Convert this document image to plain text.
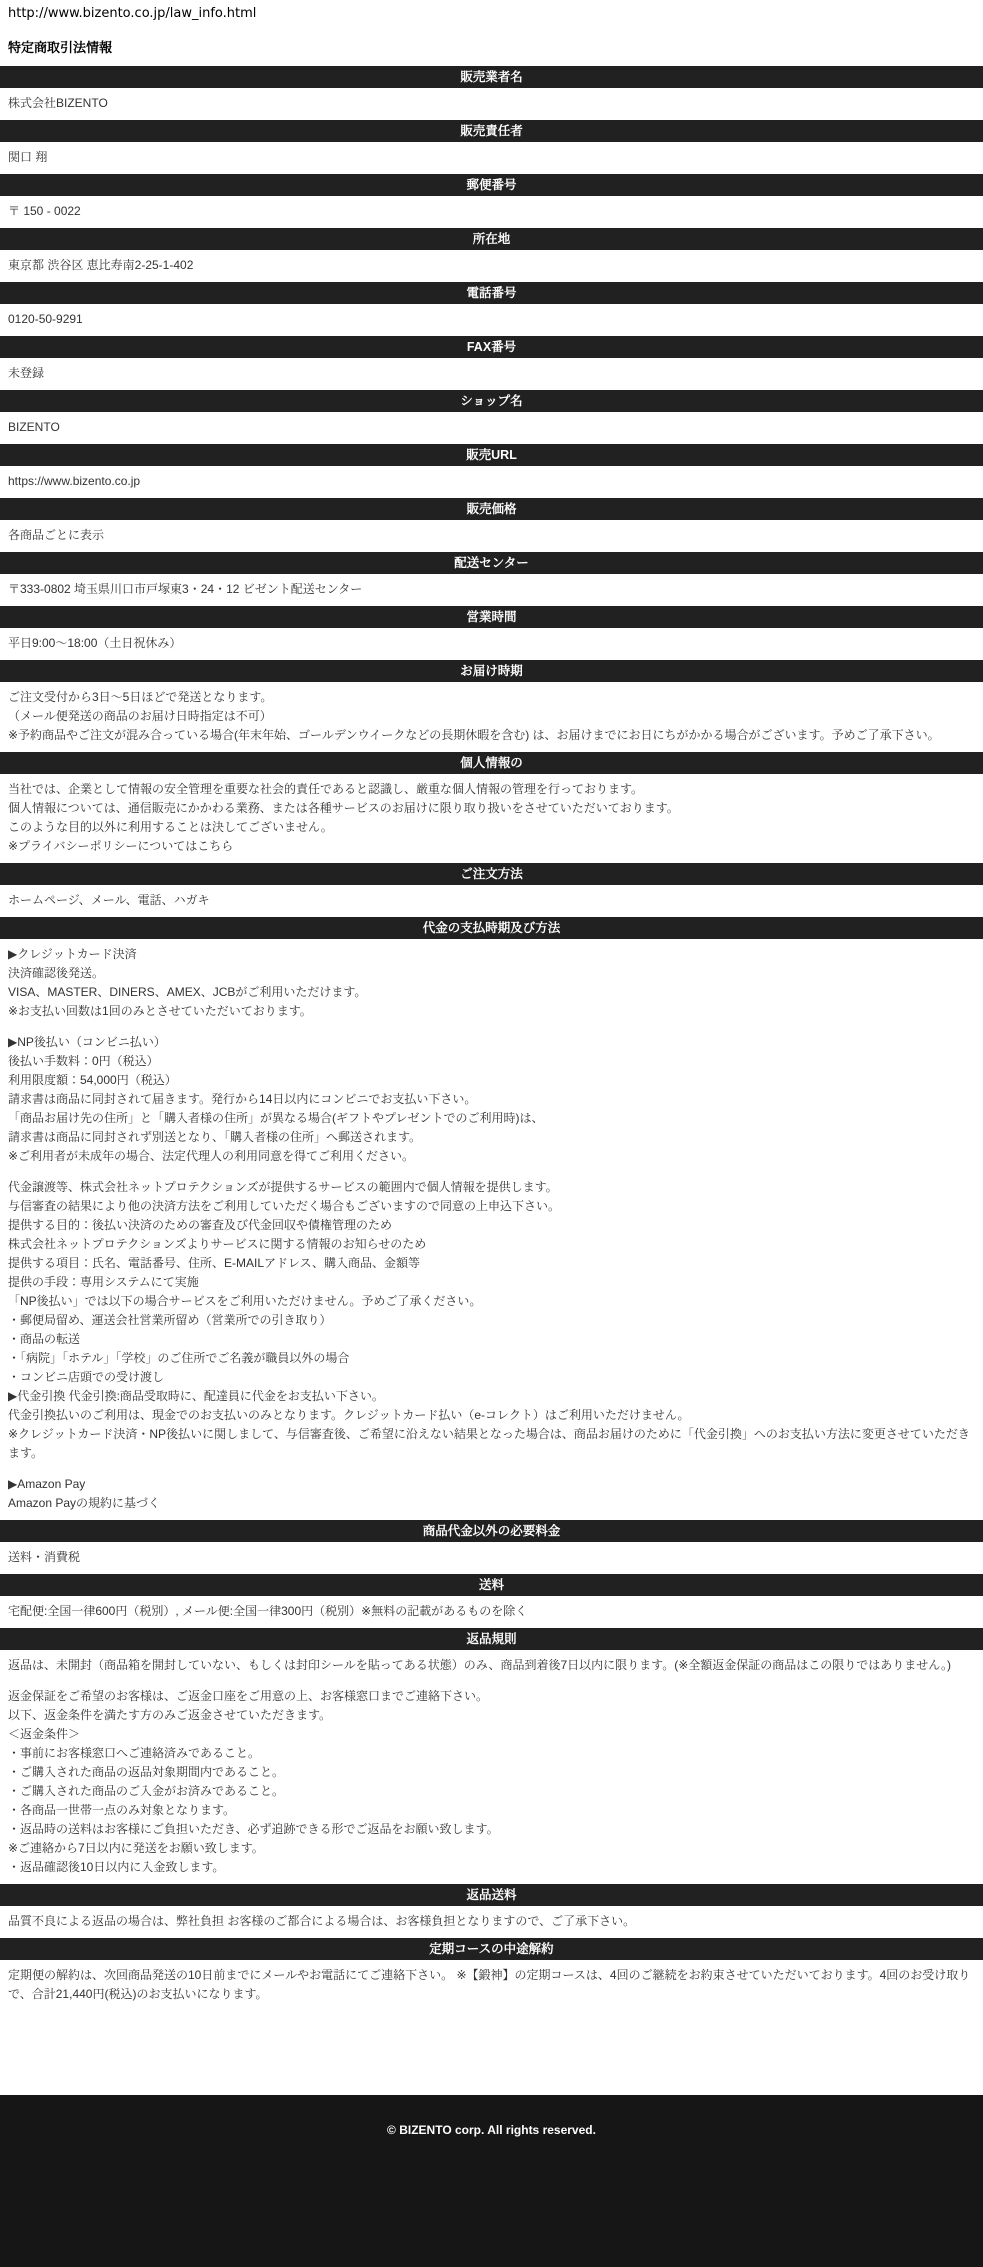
http://www.bizento.co.jp/law_info.html
特定商取引法情報
販売業者名

株式会社BIZENTO

販売責任者

関口 翔

郵便番号

〒 150 - 0022

所在地

東京都 渋谷区 恵比寿南2-25-1-402

電話番号

0120-50-9291

FAX番号

未登録

ショップ名

BIZENTO

販売URL

https://www.bizento.co.jp

販売価格

各商品ごとに表示

配送センター

〒333-0802 埼玉県川口市戸塚東3・24・12 ビゼント配送センター

営業時間

平日9:00～18:00（土日祝休み）

お届け時期

ご注文受付から3日～5日ほどで発送となります。

（メール便発送の商品のお届け日時指定は不可）

※予約商品やご注文が混み合っている場合(年末年始、ゴールデンウイークなどの長期休暇を含む) は、お届けまでにお日にちがかかる場合がございます。予めご了承下さい。

個人情報の

当社では、企業として情報の安全管理を重要な社会的責任であると認識し、厳重な個人情報の管理を行っております。

個人情報については、通信販売にかかわる業務、または各種サービスのお届けに限り取り扱いをさせていただいております。

このような目的以外に利用することは決してございません。

※プライバシーポリシーについてはこちら

ご注文方法

ホームページ、メール、電話、ハガキ

代金の支払時期及び方法

▶クレジットカード決済

決済確認後発送。

VISA、MASTER、DINERS、AMEX、JCBがご利用いただけます。

※お支払い回数は1回のみとさせていただいております。

▶NP後払い（コンビニ払い）

後払い手数料：0円（税込）

利用限度額：54,000円（税込）

請求書は商品に同封されて届きます。発行から14日以内にコンビニでお支払い下さい。

「商品お届け先の住所」と「購入者様の住所」が異なる場合(ギフトやプレゼントでのご利用時)は、

請求書は商品に同封されず別送となり、「購入者様の住所」へ郵送されます。

※ご利用者が未成年の場合、法定代理人の利用同意を得てご利用ください。

代金譲渡等、株式会社ネットプロテクションズが提供するサービスの範囲内で個人情報を提供します。

与信審査の結果により他の決済方法をご利用していただく場合もございますので同意の上申込下さい。

提供する目的：後払い決済のための審査及び代金回収や債権管理のため

株式会社ネットプロテクションズよりサービスに関する情報のお知らせのため

提供する項目：氏名、電話番号、住所、E-MAILアドレス、購入商品、金額等

提供の手段：専用システムにて実施

「NP後払い」では以下の場合サービスをご利用いただけません。予めご了承ください。

・郵便局留め、運送会社営業所留め（営業所での引き取り）

・商品の転送

・「病院」「ホテル」「学校」のご住所でご名義が職員以外の場合

・コンビニ店頭での受け渡し

▶代金引換 代金引換:商品受取時に、配達員に代金をお支払い下さい。

代金引換払いのご利用は、現金でのお支払いのみとなります。クレジットカード払い（e-コレクト）はご利用いただけません。

※クレジットカード決済・NP後払いに関しまして、与信審査後、ご希望に沿えない結果となった場合は、商品お届けのために「代金引換」へのお支払い方法に変更させていただきます。

▶Amazon Pay

Amazon Payの規約に基づく

商品代金以外の必要料金

送料・消費税

送料

宅配便:全国一律600円（税別）, メール便:全国一律300円（税別）※無料の記載があるものを除く

返品規則

返品は、未開封（商品箱を開封していない、もしくは封印シールを貼ってある状態）のみ、商品到着後7日以内に限ります。(※全額返金保証の商品はこの限りではありません。)

返金保証をご希望のお客様は、ご返金口座をご用意の上、お客様窓口までご連絡下さい。

以下、返金条件を満たす方のみご返金させていただきます。

＜返金条件＞

・事前にお客様窓口へご連絡済みであること。

・ご購入された商品の返品対象期間内であること。

・ご購入された商品のご入金がお済みであること。

・各商品一世帯一点のみ対象となります。

・返品時の送料はお客様にご負担いただき、必ず追跡できる形でご返品をお願い致します。

※ご連絡から7日以内に発送をお願い致します。

・返品確認後10日以内に入金致します。

返品送料

品質不良による返品の場合は、弊社負担 お客様のご都合による場合は、お客様負担となりますので、ご了承下さい。

定期コースの中途解約

定期便の解約は、次回商品発送の10日前までにメールやお電話にてご連絡下さい。 ※【鍛神】の定期コースは、4回のご継続をお約束させていただいております。4回のお受け取りで、合計21,440円(税込)のお支払いになります。

© BIZENTO corp. All rights reserved.
